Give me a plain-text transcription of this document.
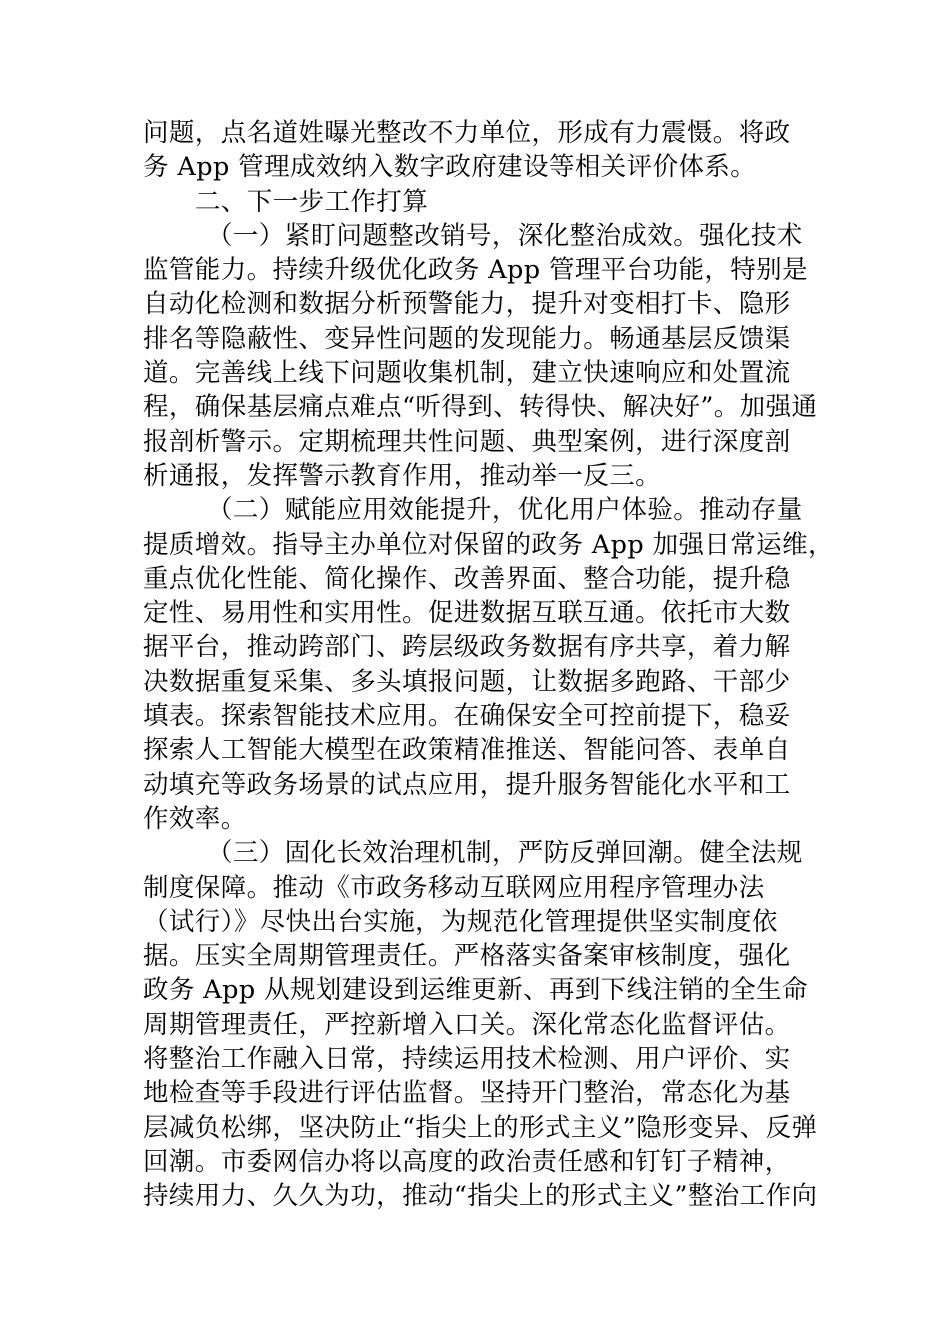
问题，点名道姓曝光整改不力单位，形成有力震慑。将政
务 App 管理成效纳入数字政府建设等相关评价体系。
二、下一步工作打算
（一）紧盯问题整改销号，深化整治成效。强化技术
监管能力。持续升级优化政务 App 管理平台功能，特别是
自动化检测和数据分析预警能力，提升对变相打卡、隐形
排名等隐蔽性、变异性问题的发现能力。畅通基层反馈渠
道。完善线上线下问题收集机制，建立快速响应和处置流
程，确保基层痛点难点“听得到、转得快、解决好”。加强通
报剖析警示。定期梳理共性问题、典型案例，进行深度剖
析通报，发挥警示教育作用，推动举一反三。
（二）赋能应用效能提升，优化用户体验。推动存量
提质增效。指导主办单位对保留的政务 App 加强日常运维，
重点优化性能、简化操作、改善界面、整合功能，提升稳
定性、易用性和实用性。促进数据互联互通。依托市大数
据平台，推动跨部门、跨层级政务数据有序共享，着力解
决数据重复采集、多头填报问题，让数据多跑路、干部少
填表。探索智能技术应用。在确保安全可控前提下，稳妥
探索人工智能大模型在政策精准推送、智能问答、表单自
动填充等政务场景的试点应用，提升服务智能化水平和工
作效率。
（三）固化长效治理机制，严防反弹回潮。健全法规
制度保障。推动《市政务移动互联网应用程序管理办法
（试行）》尽快出台实施，为规范化管理提供坚实制度依
据。压实全周期管理责任。严格落实备案审核制度，强化
政务 App 从规划建设到运维更新、再到下线注销的全生命
周期管理责任，严控新增入口关。深化常态化监督评估。
将整治工作融入日常，持续运用技术检测、用户评价、实
地检查等手段进行评估监督。坚持开门整治，常态化为基
层减负松绑，坚决防止“指尖上的形式主义”隐形变异、反弹
回潮。市委网信办将以高度的政治责任感和钉钉子精神，
持续用力、久久为功，推动“指尖上的形式主义”整治工作向
